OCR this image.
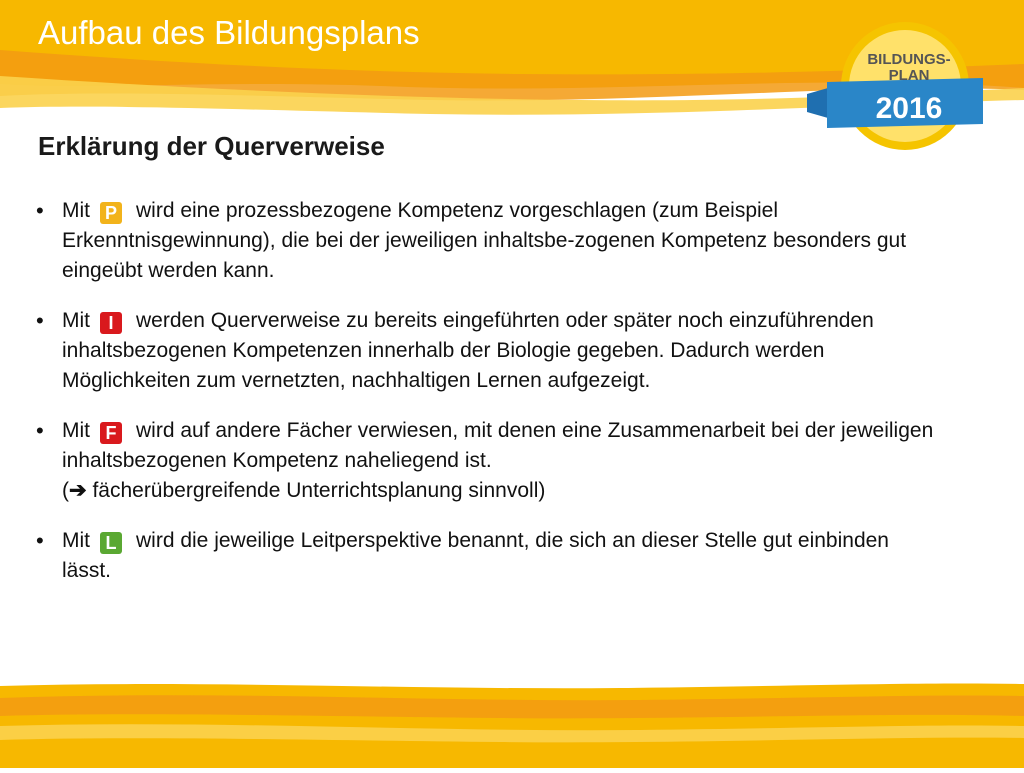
Aufbau des Bildungsplans
BILDUNGS-
PLAN
2016
Erklärung der Querverweise
• Mit P wird eine prozessbezogene Kompetenz vorgeschlagen (zum Beispiel Erkenntnisgewinnung), die bei der jeweiligen inhaltsbe-zogenen Kompetenz besonders gut eingeübt werden kann.
• Mit I werden Querverweise zu bereits eingeführten oder später noch einzuführenden inhaltsbezogenen Kompetenzen innerhalb der Biologie gegeben. Dadurch werden Möglichkeiten zum vernetzten, nachhaltigen Lernen aufgezeigt.
• Mit F wird auf andere Fächer verwiesen, mit denen eine Zusammenarbeit bei der jeweiligen inhaltsbezogenen Kompetenz naheliegend ist.
(➔ fächerübergreifende Unterrichtsplanung sinnvoll)
• Mit L wird die jeweilige Leitperspektive benannt, die sich an dieser Stelle gut einbinden lässt.
